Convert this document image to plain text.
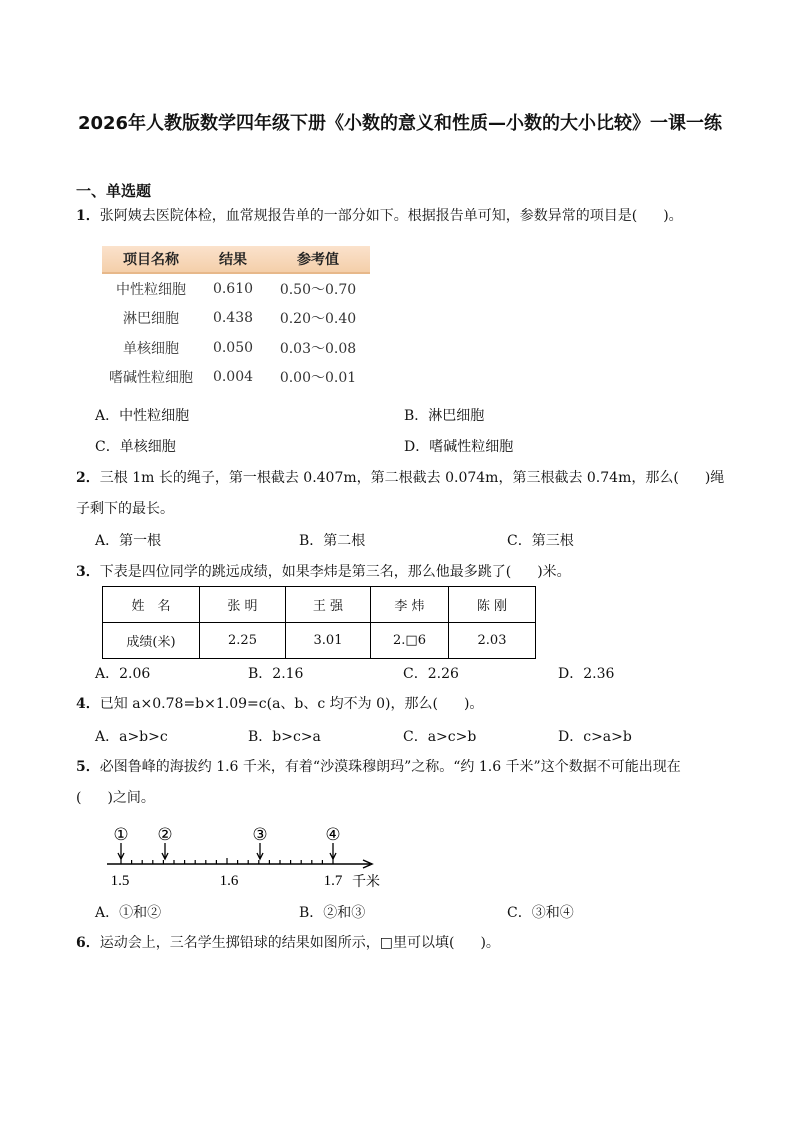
2026年人教版数学四年级下册《小数的意义和性质—小数的大小比较》一课一练
一、单选题
1．张阿姨去医院体检，血常规报告单的一部分如下。根据报告单可知，参数异常的项目是( )。
项目名称	结果	参考值
中性粒细胞	0.610	0.50～0.70
淋巴细胞	0.438	0.20～0.40
单核细胞	0.050	0.03～0.08
嗜碱性粒细胞	0.004	0.00～0.01
A．中性粒细胞	B．淋巴细胞
C．单核细胞	D．嗜碱性粒细胞
2．三根 1m 长的绳子，第一根截去 0.407m，第二根截去 0.074m，第三根截去 0.74m，那么( )绳
子剩下的最长。
A．第一根	B．第二根	C．第三根
3．下表是四位同学的跳远成绩，如果李炜是第三名，那么他最多跳了( )米。
姓　名	张 明	王 强	李 炜	陈 刚
成绩(米)	2.25	3.01	2.□6	2.03
A．2.06	B．2.16	C．2.26	D．2.36
4．已知 a×0.78=b×1.09=c(a、b、c 均不为 0)，那么( )。
A．a>b>c	B．b>c>a	C．a>c>b	D．c>a>b
5．必图鲁峰的海拔约 1.6 千米，有着“沙漠珠穆朗玛”之称。“约 1.6 千米”这个数据不可能出现在
( )之间。
① ②	③	④
1.5	1.6	1.7 千米
A．①和②	B．②和③	C．③和④
6．运动会上，三名学生掷铅球的结果如图所示，□里可以填( )。
